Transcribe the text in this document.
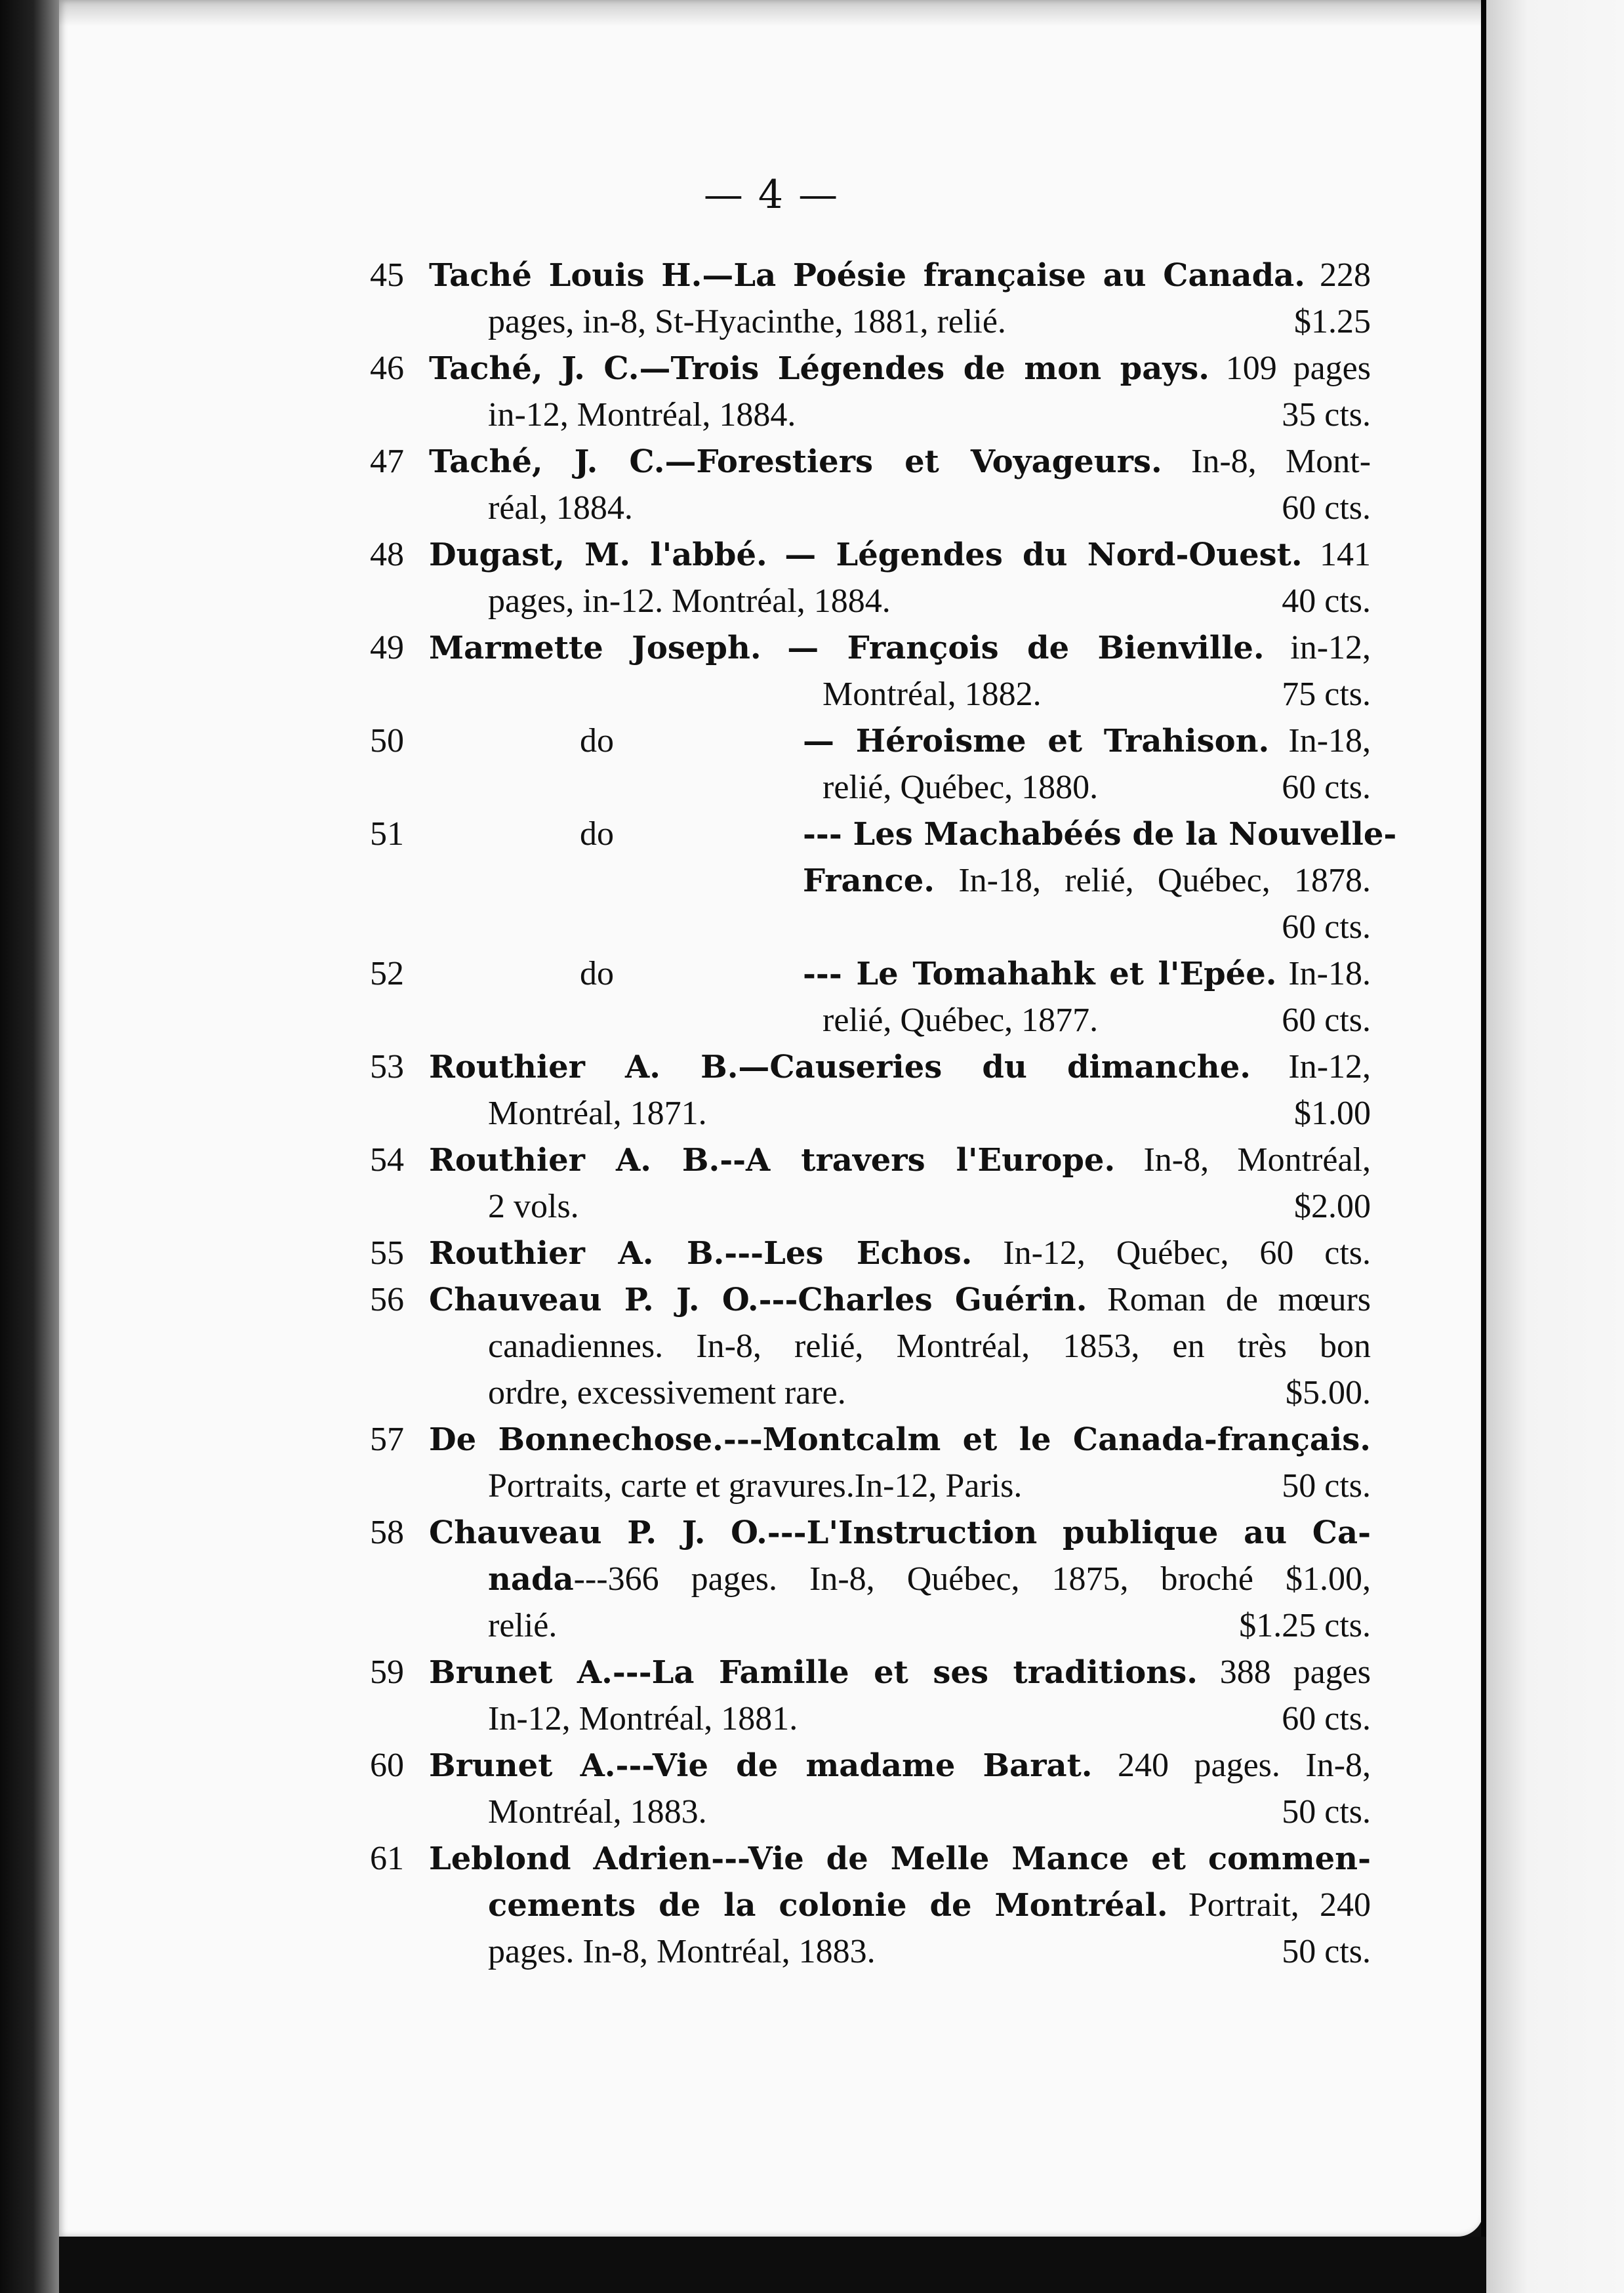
— 4 —
45 Taché Louis H.—La Poésie française au Canada. 228
pages, in-8, St-Hyacinthe, 1881, relié.	$1.25
46 Taché, J. C.—Trois Légendes de mon pays. 109 pages
in-12, Montréal, 1884.	35 cts.
47 Taché, J. C.—Forestiers et Voyageurs. In-8, Mont-
réal, 1884.	60 cts.
48 Dugast, M. l'abbé. — Légendes du Nord-Ouest. 141
pages, in-12. Montréal, 1884.	40 cts.
49 Marmette Joseph. — François de Bienville. in-12,
Montréal, 1882.	75 cts.
50	do	— Héroisme et Trahison. In-18,
relié, Québec, 1880.	60 cts.
51	do	--- Les Machabéés de la Nouvelle-
France. In-18, relié, Québec, 1878.
60 cts.
52	do	--- Le Tomahahk et l'Epée. In-18.
relié, Québec, 1877.	60 cts.
53 Routhier A. B.—Causeries du dimanche. In-12,
Montréal, 1871.	$1.00
54 Routhier A. B.--A travers l'Europe. In-8, Montréal,
2 vols.	$2.00
55 Routhier A. B.---Les Echos. In-12, Québec, 60 cts.
56 Chauveau P. J. O.---Charles Guérin. Roman de mœurs
canadiennes. In-8, relié, Montréal, 1853, en très bon
ordre, excessivement rare.	$5.00.
57 De Bonnechose.---Montcalm et le Canada-français.
Portraits, carte et gravures.In-12, Paris.	50 cts.
58 Chauveau P. J. O.---L'Instruction publique au Ca-
nada---366 pages. In-8, Québec, 1875, broché $1.00,
relié.	$1.25 cts.
59 Brunet A.---La Famille et ses traditions. 388 pages
In-12, Montréal, 1881.	60 cts.
60 Brunet A.---Vie de madame Barat. 240 pages. In-8,
Montréal, 1883.	50 cts.
61 Leblond Adrien---Vie de Melle Mance et commen-
cements de la colonie de Montréal. Portrait, 240
pages. In-8, Montréal, 1883.	50 cts.
